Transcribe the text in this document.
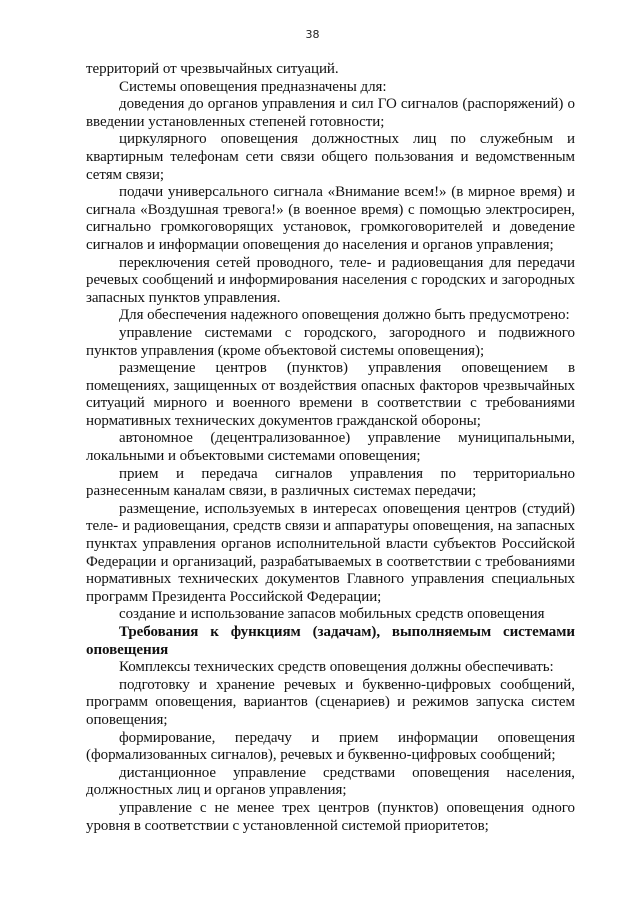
38

территорий от чрезвычайных ситуаций.

Системы оповещения предназначены для:

доведения до органов управления и сил ГО сигналов (распоряжений) о введении установленных степеней готовности;

циркулярного оповещения должностных лиц по служебным и квартирным телефонам сети связи общего пользования и ведомственным сетям связи;

подачи универсального сигнала «Внимание всем!» (в мирное время) и сигнала «Воздушная тревога!» (в военное время) с помощью электросирен, сигнально громкоговорящих установок, громкоговорителей и доведение сигналов и информации оповещения до населения и органов управления;

переключения сетей проводного, теле- и радиовещания для передачи речевых сообщений и информирования населения с городских и загородных запасных пунктов управления.

Для обеспечения надежного оповещения должно быть предусмотрено:

управление системами с городского, загородного и подвижного пунктов управления (кроме объектовой системы оповещения);

размещение центров (пунктов) управления оповещением в помещениях, защищенных от воздействия опасных факторов чрезвычайных ситуаций мирного и военного времени в соответствии с требованиями нормативных технических документов гражданской обороны;

автономное (децентрализованное) управление муниципальными, локальными и объектовыми системами оповещения;

прием и передача сигналов управления по территориально разнесенным каналам связи, в различных системах передачи;

размещение, используемых в интересах оповещения центров (студий) теле- и радиовещания, средств связи и аппаратуры оповещения, на запасных пунктах управления органов исполнительной власти субъектов Российской Федерации и организаций, разрабатываемых в соответствии с требованиями нормативных технических документов Главного управления специальных программ Президента Российской Федерации;

создание и использование запасов мобильных средств оповещения

Требования к функциям (задачам), выполняемым системами оповещения

Комплексы технических средств оповещения должны обеспечивать:

подготовку и хранение речевых и буквенно-цифровых сообщений, программ оповещения, вариантов (сценариев) и режимов запуска систем оповещения;

формирование, передачу и прием информации оповещения (формализованных сигналов), речевых и буквенно-цифровых сообщений;

дистанционное управление средствами оповещения населения, должностных лиц и органов управления;

управление с не менее трех центров (пунктов) оповещения одного уровня в соответствии с установленной системой приоритетов;
